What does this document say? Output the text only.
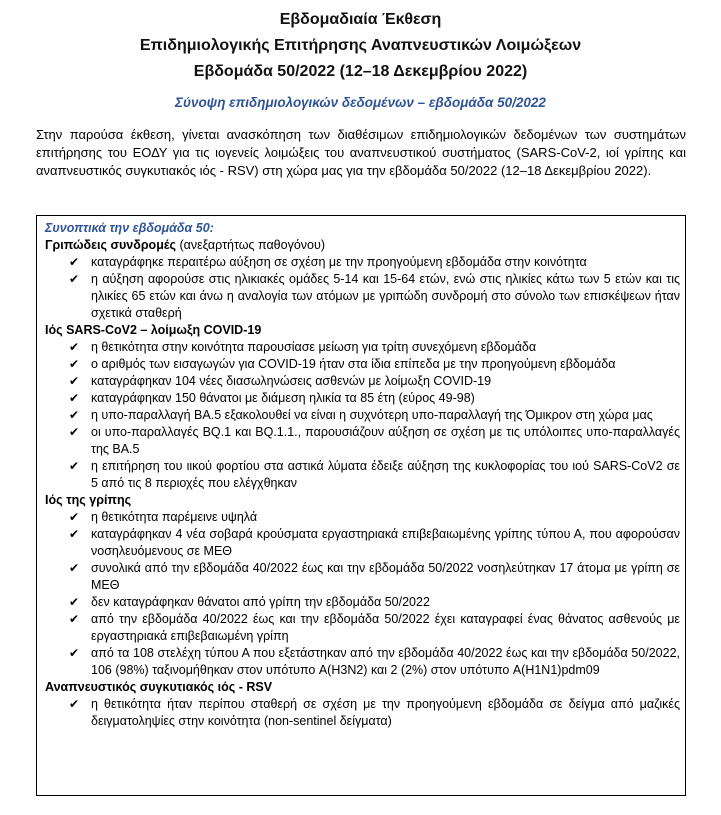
Εβδομαδιαία Έκθεση

Επιδημιολογικής Επιτήρησης Αναπνευστικών Λοιμώξεων

Εβδομάδα 50/2022 (12–18 Δεκεμβρίου 2022)

Σύνοψη επιδημιολογικών δεδομένων – εβδομάδα 50/2022
Στην παρούσα έκθεση, γίνεται ανασκόπηση των διαθέσιμων επιδημιολογικών δεδομένων των συστημάτων επιτήρησης του ΕΟΔΥ για τις ιογενείς λοιμώξεις του αναπνευστικού συστήματος (SARS-CoV-2, ιοί γρίπης και αναπνευστικός συγκυτιακός ιός - RSV) στη χώρα μας για την εβδομάδα 50/2022 (12–18 Δεκεμβρίου 2022).
Συνοπτικά την εβδομάδα 50:
Γριπώδεις συνδρομές (ανεξαρτήτως παθογόνου)
✔ καταγράφηκε περαιτέρω αύξηση σε σχέση με την προηγούμενη εβδομάδα στην κοινότητα
✔ η αύξηση αφορούσε στις ηλικιακές ομάδες 5-14 και 15-64 ετών, ενώ στις ηλικίες κάτω των 5 ετών και τις ηλικίες 65 ετών και άνω η αναλογία των ατόμων με γριπώδη συνδρομή στο σύνολο των επισκέψεων ήταν σχετικά σταθερή
Ιός SARS-CoV2 – λοίμωξη COVID-19
✔ η θετικότητα στην κοινότητα παρουσίασε μείωση για τρίτη συνεχόμενη εβδομάδα
✔ ο αριθμός των εισαγωγών για COVID-19 ήταν στα ίδια επίπεδα με την προηγούμενη εβδομάδα
✔ καταγράφηκαν 104 νέες διασωληνώσεις ασθενών με λοίμωξη COVID-19
✔ καταγράφηκαν 150 θάνατοι με διάμεση ηλικία τα 85 έτη (εύρος 49-98)
✔ η υπο-παραλλαγή BA.5 εξακολουθεί να είναι η συχνότερη υπο-παραλλαγή της Όμικρον στη χώρα μας
✔ οι υπο-παραλλαγές BQ.1 και BQ.1.1., παρουσιάζουν αύξηση σε σχέση με τις υπόλοιπες υπο-παραλλαγές της BA.5
✔ η επιτήρηση του ιικού φορτίου στα αστικά λύματα έδειξε αύξηση της κυκλοφορίας του ιού SARS-CoV2 σε 5 από τις 8 περιοχές που ελέγχθηκαν
Ιός της γρίπης
✔ η θετικότητα παρέμεινε υψηλά
✔ καταγράφηκαν 4 νέα σοβαρά κρούσματα εργαστηριακά επιβεβαιωμένης γρίπης τύπου Α, που αφορούσαν νοσηλευόμενους σε ΜΕΘ
✔ συνολικά από την εβδομάδα 40/2022 έως και την εβδομάδα 50/2022 νοσηλεύτηκαν 17 άτομα με γρίπη σε ΜΕΘ
✔ δεν καταγράφηκαν θάνατοι από γρίπη την εβδομάδα 50/2022
✔ από την εβδομάδα 40/2022 έως και την εβδομάδα 50/2022 έχει καταγραφεί ένας θάνατος ασθενούς με εργαστηριακά επιβεβαιωμένη γρίπη
✔ από τα 108 στελέχη τύπου Α που εξετάστηκαν από την εβδομάδα 40/2022 έως και την εβδομάδα 50/2022, 106 (98%) ταξινομήθηκαν στον υπότυπο A(H3N2) και 2 (2%) στον υπότυπο A(H1N1)pdm09
Αναπνευστικός συγκυτιακός ιός - RSV
✔ η θετικότητα ήταν περίπου σταθερή σε σχέση με την προηγούμενη εβδομάδα σε δείγμα από μαζικές δειγματοληψίες στην κοινότητα (non-sentinel δείγματα)
